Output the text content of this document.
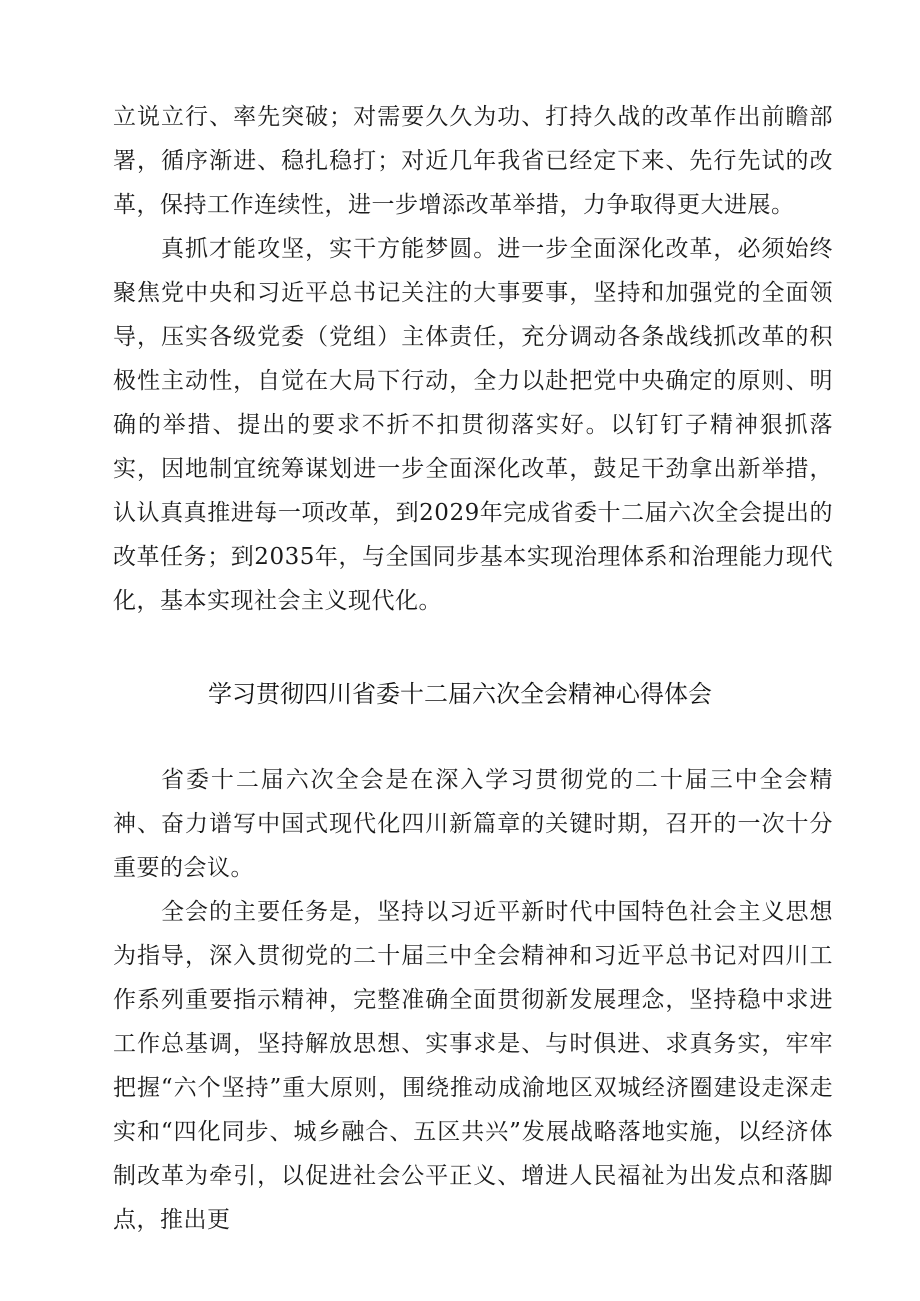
立说立行、率先突破；对需要久久为功、打持久战的改革作出前瞻部署，循序渐进、稳扎稳打；对近几年我省已经定下来、先行先试的改革，保持工作连续性，进一步增添改革举措，力争取得更大进展。

真抓才能攻坚，实干方能梦圆。进一步全面深化改革，必须始终聚焦党中央和习近平总书记关注的大事要事，坚持和加强党的全面领导，压实各级党委（党组）主体责任，充分调动各条战线抓改革的积极性主动性，自觉在大局下行动，全力以赴把党中央确定的原则、明确的举措、提出的要求不折不扣贯彻落实好。以钉钉子精神狠抓落实，因地制宜统筹谋划进一步全面深化改革，鼓足干劲拿出新举措，认认真真推进每一项改革，到2029年完成省委十二届六次全会提出的改革任务；到2035年，与全国同步基本实现治理体系和治理能力现代化，基本实现社会主义现代化。

学习贯彻四川省委十二届六次全会精神心得体会

省委十二届六次全会是在深入学习贯彻党的二十届三中全会精神、奋力谱写中国式现代化四川新篇章的关键时期，召开的一次十分重要的会议。

全会的主要任务是，坚持以习近平新时代中国特色社会主义思想为指导，深入贯彻党的二十届三中全会精神和习近平总书记对四川工作系列重要指示精神，完整准确全面贯彻新发展理念，坚持稳中求进工作总基调，坚持解放思想、实事求是、与时俱进、求真务实，牢牢把握“六个坚持”重大原则，围绕推动成渝地区双城经济圈建设走深走实和“四化同步、城乡融合、五区共兴”发展战略落地实施，以经济体制改革为牵引，以促进社会公平正义、增进人民福祉为出发点和落脚点，推出更
